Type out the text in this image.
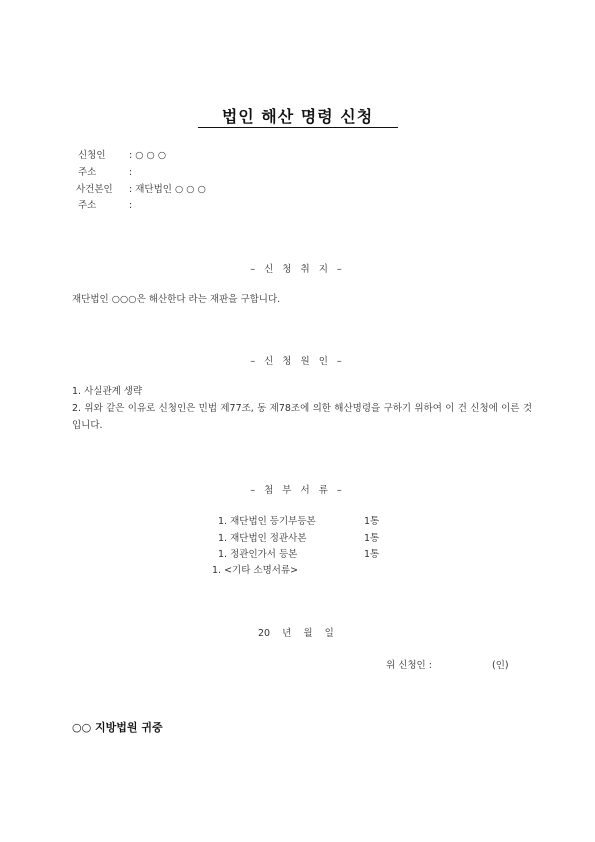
법인 해산 명령 신청
신청인 : ○ ○ ○
주소	:
사건본인 : 재단법인 ○ ○ ○
주소	:
– 신 청 취 지 –
재단법인 ○○○은 해산한다 라는 재판을 구합니다.
– 신 청 원 인 –
1. 사실관계 생략
2. 위와 같은 이유로 신청인은 민법 제77조, 동 제78조에 의한 해산명령을 구하기 위하여 이 건 신청에 이른 것입니다.
– 첨 부 서 류 –
1. 재단법인 등기부등본	1통
1. 재단법인 정관사본	1통
1. 정관인가서 등본	1통
1. <기타 소명서류>
20    년    월    일
위 신청인 :	(인)
○○ 지방법원 귀중
